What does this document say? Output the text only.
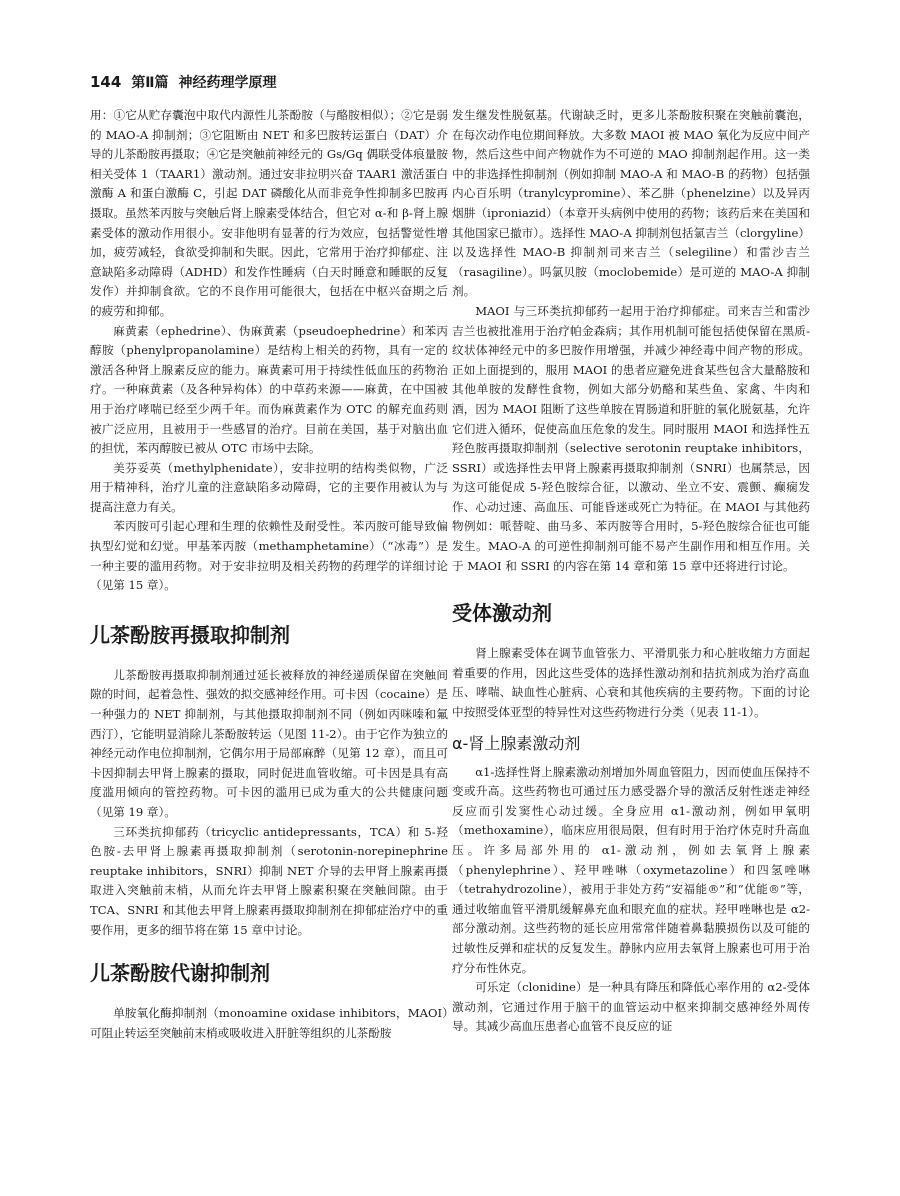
144 第Ⅱ篇 神经药理学原理

用：①它从贮存囊泡中取代内源性儿茶酚胺（与酪胺相似）；②它是弱的 MAO-A 抑制剂；③它阻断由 NET 和多巴胺转运蛋白（DAT）介导的儿茶酚胺再摄取；④它是突触前神经元的 Gs/Gq 偶联受体痕量胺相关受体 1（TAAR1）激动剂。通过安非拉明兴奋 TAAR1 激活蛋白激酶 A 和蛋白激酶 C，引起 DAT 磷酸化从而非竞争性抑制多巴胺再摄取。虽然苯丙胺与突触后肾上腺素受体结合，但它对 α-和 β-肾上腺素受体的激动作用很小。安非他明有显著的行为效应，包括警觉性增加，疲劳减轻，食欲受抑制和失眠。因此，它常用于治疗抑郁症、注意缺陷多动障碍（ADHD）和发作性睡病（白天时睡意和睡眠的反复发作）并抑制食欲。它的不良作用可能很大，包括在中枢兴奋期之后的疲劳和抑郁。

麻黄素（ephedrine）、伪麻黄素（pseudoephedrine）和苯丙醇胺（phenylpropanolamine）是结构上相关的药物，具有一定的激活各种肾上腺素反应的能力。麻黄素可用于持续性低血压的药物治疗。一种麻黄素（及各种异构体）的中草药来源——麻黄，在中国被用于治疗哮喘已经至少两千年。而伪麻黄素作为 OTC 的解充血药则被广泛应用，且被用于一些感冒的治疗。目前在美国，基于对脑出血的担忧，苯丙醇胺已被从 OTC 市场中去除。

美芬妥英（methylphenidate），安非拉明的结构类似物，广泛用于精神科，治疗儿童的注意缺陷多动障碍，它的主要作用被认为与提高注意力有关。

苯丙胺可引起心理和生理的依赖性及耐受性。苯丙胺可能导致偏执型幻觉和幻觉。甲基苯丙胺（methamphetamine）（“冰毒”）是一种主要的滥用药物。对于安非拉明及相关药物的药理学的详细讨论（见第 15 章）。

儿茶酚胺再摄取抑制剂

儿茶酚胺再摄取抑制剂通过延长被释放的神经递质保留在突触间隙的时间，起着急性、强效的拟交感神经作用。可卡因（cocaine）是一种强力的 NET 抑制剂，与其他摄取抑制剂不同（例如丙咪嗪和氟西汀），它能明显消除儿茶酚胺转运（见图 11-2）。由于它作为独立的神经元动作电位抑制剂，它偶尔用于局部麻醉（见第 12 章），而且可卡因抑制去甲肾上腺素的摄取，同时促进血管收缩。可卡因是具有高度滥用倾向的管控药物。可卡因的滥用已成为重大的公共健康问题（见第 19 章）。

三环类抗抑郁药（tricyclic antidepressants，TCA）和 5-羟色胺-去甲肾上腺素再摄取抑制剂（serotonin-norepinephrine reuptake inhibitors，SNRI）抑制 NET 介导的去甲肾上腺素再摄取进入突触前末梢，从而允许去甲肾上腺素积聚在突触间隙。由于 TCA、SNRI 和其他去甲肾上腺素再摄取抑制剂在抑郁症治疗中的重要作用，更多的细节将在第 15 章中讨论。

儿茶酚胺代谢抑制剂

单胺氧化酶抑制剂（monoamine oxidase inhibitors，MAOI）可阻止转运至突触前末梢或吸收进入肝脏等组织的儿茶酚胺

发生继发性脱氨基。代谢缺乏时，更多儿茶酚胺积聚在突触前囊泡，在每次动作电位期间释放。大多数 MAOI 被 MAO 氧化为反应中间产物，然后这些中间产物就作为不可逆的 MAO 抑制剂起作用。这一类中的非选择性抑制剂（例如抑制 MAO-A 和 MAO-B 的药物）包括强内心百乐明（tranylcypromine）、苯乙肼（phenelzine）以及异丙烟肼（iproniazid）（本章开头病例中使用的药物；该药后来在美国和其他国家已撤市）。选择性 MAO-A 抑制剂包括氯吉兰（clorgyline）以及选择性 MAO-B 抑制剂司来吉兰（selegiline）和雷沙吉兰（rasagiline）。吗氯贝胺（moclobemide）是可逆的 MAO-A 抑制剂。

MAOI 与三环类抗抑郁药一起用于治疗抑郁症。司来吉兰和雷沙吉兰也被批准用于治疗帕金森病；其作用机制可能包括使保留在黑质-纹状体神经元中的多巴胺作用增强，并减少神经毒中间产物的形成。正如上面提到的，服用 MAOI 的患者应避免进食某些包含大量酪胺和其他单胺的发酵性食物，例如大部分奶酪和某些鱼、家禽、牛肉和酒，因为 MAOI 阻断了这些单胺在胃肠道和肝脏的氧化脱氨基，允许它们进入循环，促使高血压危象的发生。同时服用 MAOI 和选择性五羟色胺再摄取抑制剂（selective serotonin reuptake inhibitors，SSRI）或选择性去甲肾上腺素再摄取抑制剂（SNRI）也属禁忌，因为这可能促成 5-羟色胺综合征，以激动、坐立不安、震颤、癫痫发作、心动过速、高血压、可能昏迷或死亡为特征。在 MAOI 与其他药物例如：哌替啶、曲马多、苯丙胺等合用时，5-羟色胺综合征也可能发生。MAO-A 的可逆性抑制剂可能不易产生副作用和相互作用。关于 MAOI 和 SSRI 的内容在第 14 章和第 15 章中还将进行讨论。

受体激动剂

肾上腺素受体在调节血管张力、平滑肌张力和心脏收缩力方面起着重要的作用，因此这些受体的选择性激动剂和拮抗剂成为治疗高血压、哮喘、缺血性心脏病、心衰和其他疾病的主要药物。下面的讨论中按照受体亚型的特异性对这些药物进行分类（见表 11-1）。

α-肾上腺素激动剂

α1-选择性肾上腺素激动剂增加外周血管阻力，因而使血压保持不变或升高。这些药物也可通过压力感受器介导的激活反射性迷走神经反应而引发窦性心动过缓。全身应用 α1-激动剂，例如甲氧明（methoxamine），临床应用很局限，但有时用于治疗休克时升高血压。许多局部外用的 α1-激动剂，例如去氧肾上腺素（phenylephrine）、羟甲唑啉（oxymetazoline）和四氢唑啉（tetrahydrozoline），被用于非处方药“安福能®”和“优能®”等，通过收缩血管平滑肌缓解鼻充血和眼充血的症状。羟甲唑啉也是 α2-部分激动剂。这些药物的延长应用常常伴随着鼻黏膜损伤以及可能的过敏性反弹和症状的反复发生。静脉内应用去氧肾上腺素也可用于治疗分布性休克。

可乐定（clonidine）是一种具有降压和降低心率作用的 α2-受体激动剂，它通过作用于脑干的血管运动中枢来抑制交感神经外周传导。其减少高血压患者心血管不良反应的证
